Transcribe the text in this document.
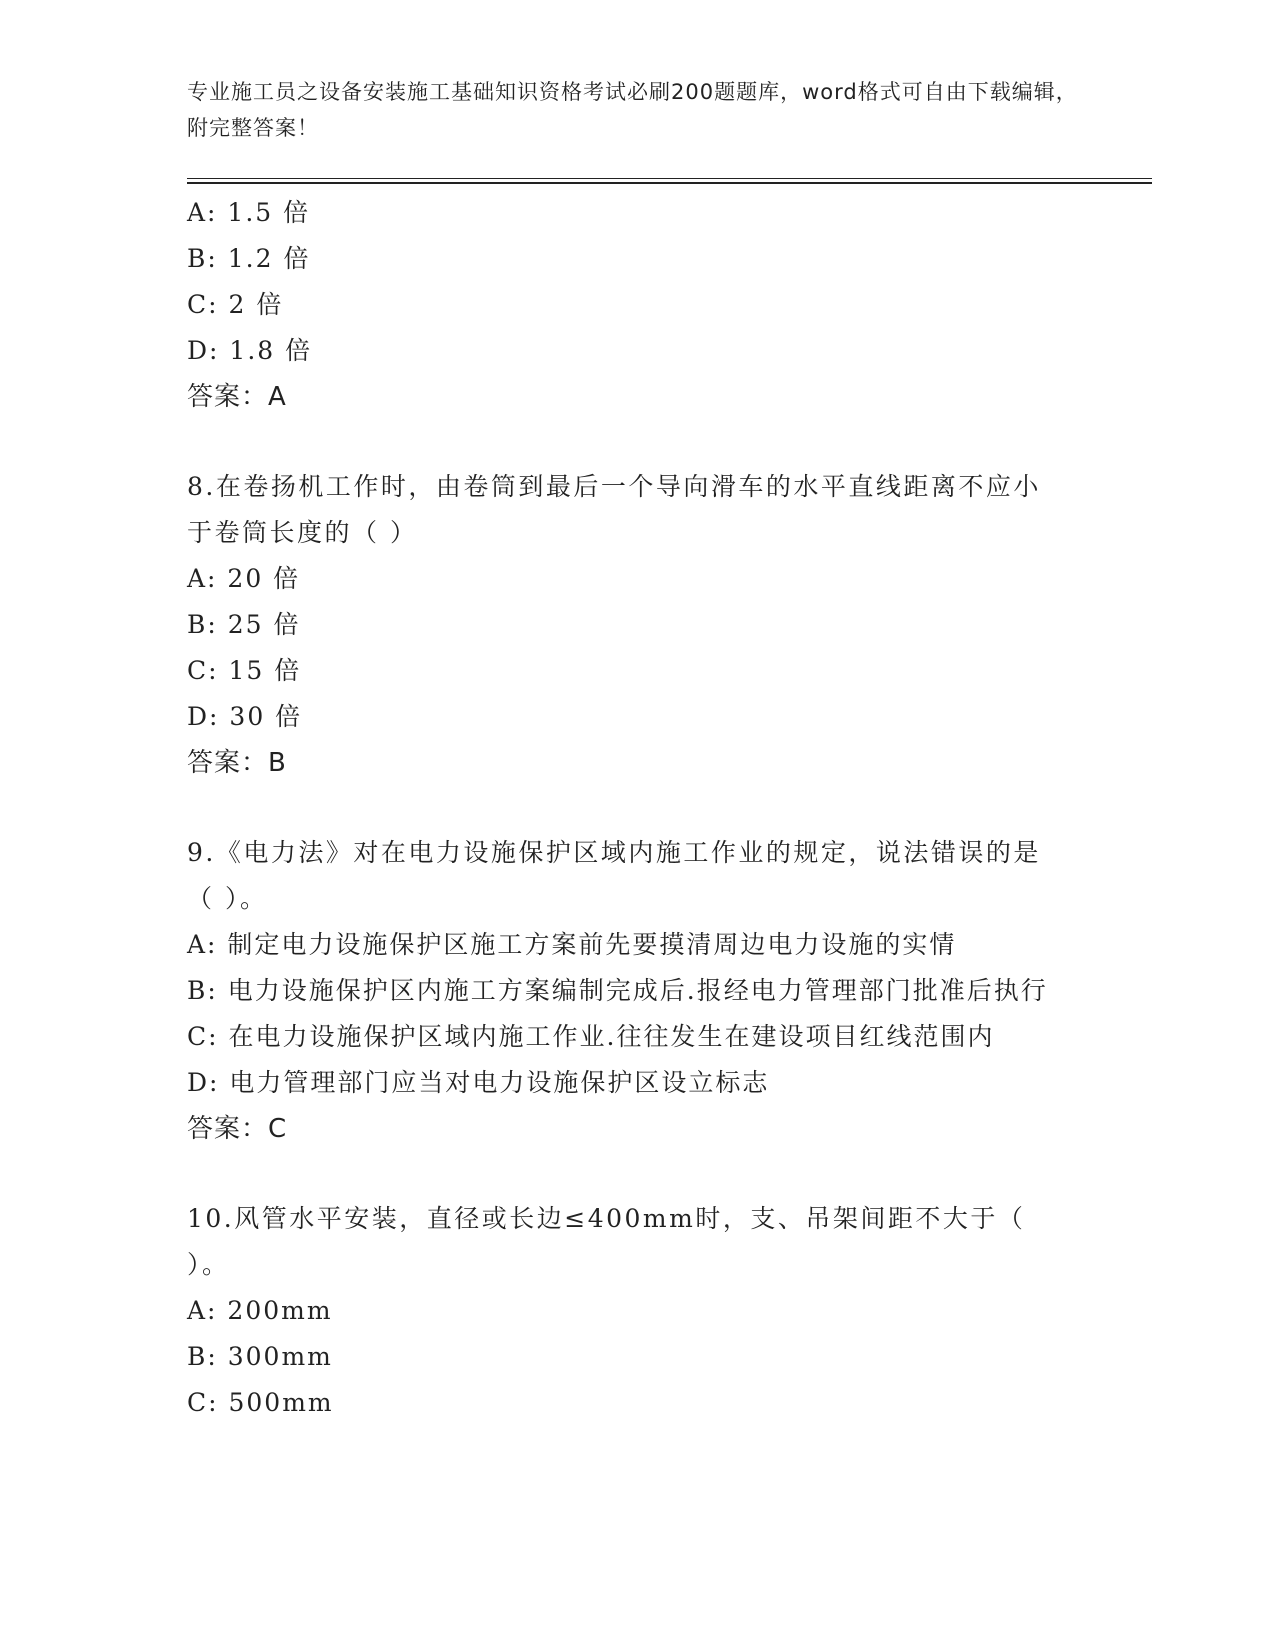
专业施工员之设备安装施工基础知识资格考试必刷200题题库，word格式可自由下载编辑，附完整答案！
A: 1.5 倍
B: 1.2 倍
C: 2 倍
D: 1.8 倍
答案：A
8.在卷扬机工作时，由卷筒到最后一个导向滑车的水平直线距离不应小于卷筒长度的（ ）
A: 20 倍
B: 25 倍
C: 15 倍
D: 30 倍
答案：B
9.《电力法》对在电力设施保护区域内施工作业的规定，说法错误的是（ ）。
A: 制定电力设施保护区施工方案前先要摸清周边电力设施的实情
B: 电力设施保护区内施工方案编制完成后.报经电力管理部门批准后执行
C: 在电力设施保护区域内施工作业.往往发生在建设项目红线范围内
D: 电力管理部门应当对电力设施保护区设立标志
答案：C
10.风管水平安装，直径或长边≤400mm时，支、吊架间距不大于（ ）。
A: 200mm
B: 300mm
C: 500mm
